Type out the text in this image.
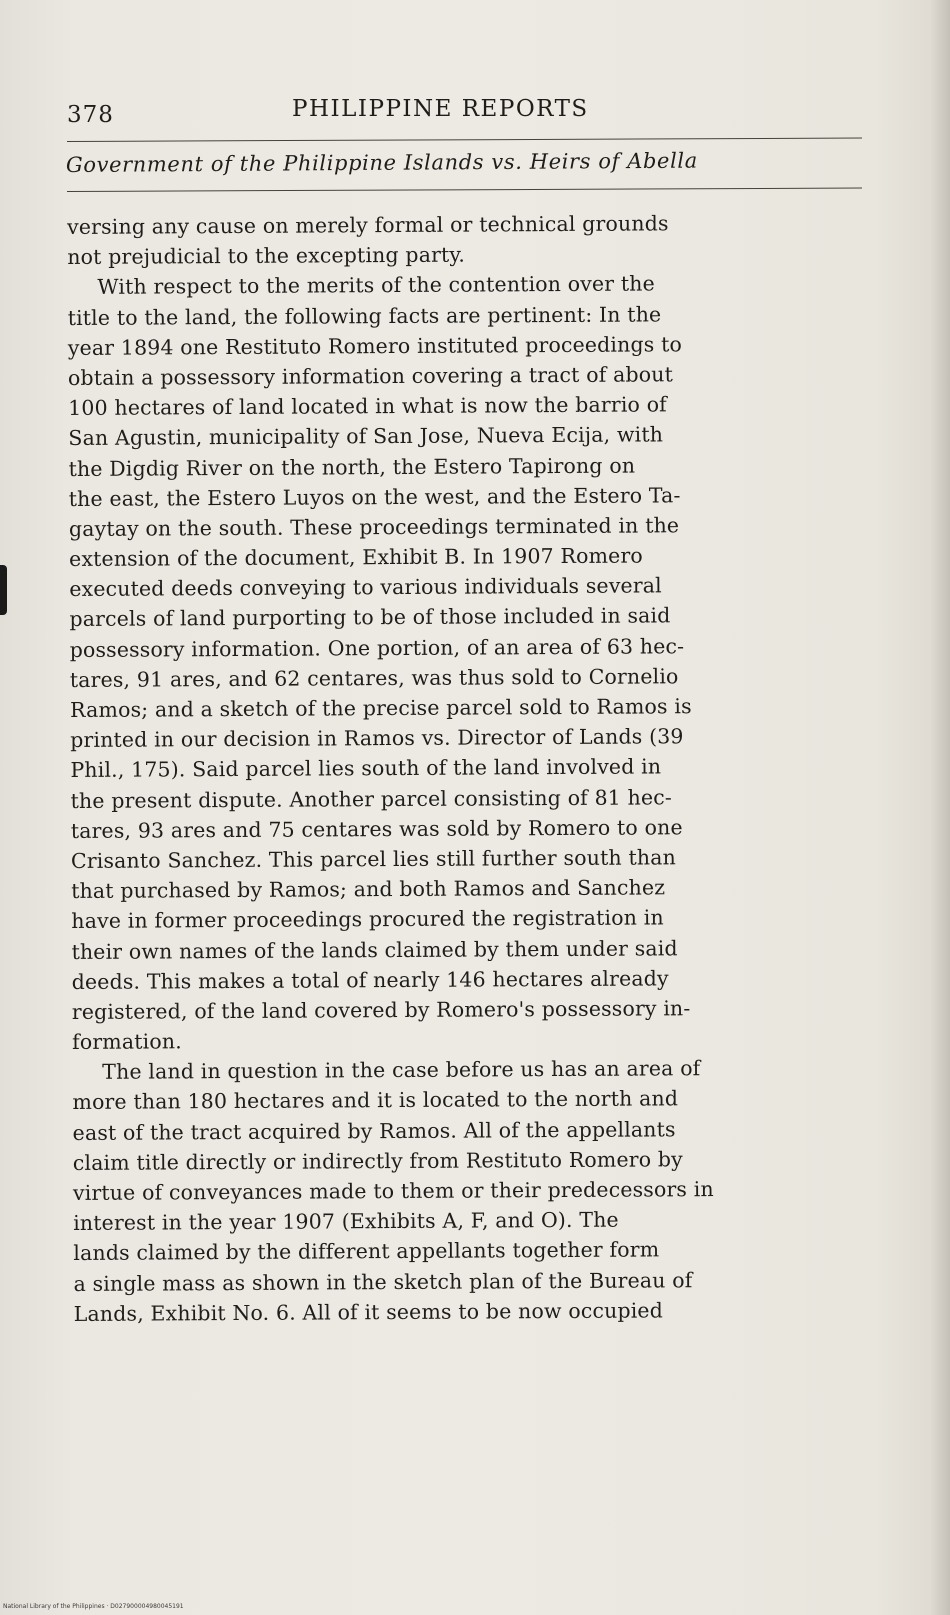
378	PHILIPPINE REPORTS
Government of the Philippine Islands vs. Heirs of Abella
versing any cause on merely formal or technical grounds
not prejudicial to the excepting party.
With respect to the merits of the contention over the
title to the land, the following facts are pertinent: In the
year 1894 one Restituto Romero instituted proceedings to
obtain a possessory information covering a tract of about
100 hectares of land located in what is now the barrio of
San Agustin, municipality of San Jose, Nueva Ecija, with
the Digdig River on the north, the Estero Tapirong on
the east, the Estero Luyos on the west, and the Estero Ta-
gaytay on the south. These proceedings terminated in the
extension of the document, Exhibit B. In 1907 Romero
executed deeds conveying to various individuals several
parcels of land purporting to be of those included in said
possessory information. One portion, of an area of 63 hec-
tares, 91 ares, and 62 centares, was thus sold to Cornelio
Ramos; and a sketch of the precise parcel sold to Ramos is
printed in our decision in Ramos vs. Director of Lands (39
Phil., 175). Said parcel lies south of the land involved in
the present dispute. Another parcel consisting of 81 hec-
tares, 93 ares and 75 centares was sold by Romero to one
Crisanto Sanchez. This parcel lies still further south than
that purchased by Ramos; and both Ramos and Sanchez
have in former proceedings procured the registration in
their own names of the lands claimed by them under said
deeds. This makes a total of nearly 146 hectares already
registered, of the land covered by Romero's possessory in-
formation.
The land in question in the case before us has an area of
more than 180 hectares and it is located to the north and
east of the tract acquired by Ramos. All of the appellants
claim title directly or indirectly from Restituto Romero by
virtue of conveyances made to them or their predecessors in
interest in the year 1907 (Exhibits A, F, and O). The
lands claimed by the different appellants together form
a single mass as shown in the sketch plan of the Bureau of
Lands, Exhibit No. 6. All of it seems to be now occupied
National Library of the Philippines · D027900004980045191
